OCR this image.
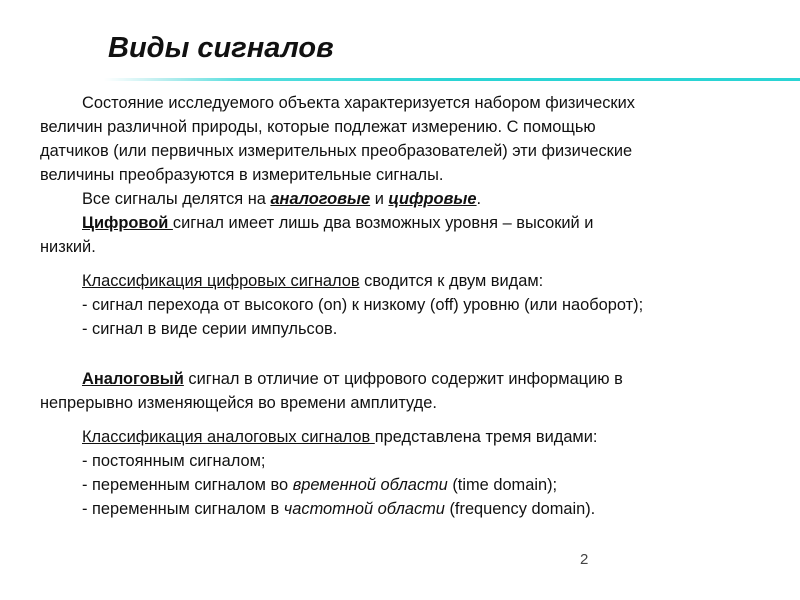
Виды сигналов
Состояние исследуемого объекта характеризуется набором физических
величин различной природы, которые подлежат измерению. С помощью
датчиков (или первичных измерительных преобразователей) эти физические
величины преобразуются в измерительные сигналы.
Все сигналы делятся на аналоговые и цифровые.
Цифровой сигнал имеет лишь два возможных уровня – высокий и
низкий.
Классификация цифровых сигналов сводится к двум видам:
- сигнал перехода от высокого (on) к низкому (off) уровню (или наоборот);
- сигнал в виде серии импульсов.
Аналоговый сигнал в отличие от цифрового содержит информацию в
непрерывно изменяющейся во времени амплитуде.
Классификация аналоговых сигналов представлена тремя видами:
- постоянным сигналом;
- переменным сигналом во временной области (time domain);
- переменным сигналом в частотной области (frequency domain).
2
